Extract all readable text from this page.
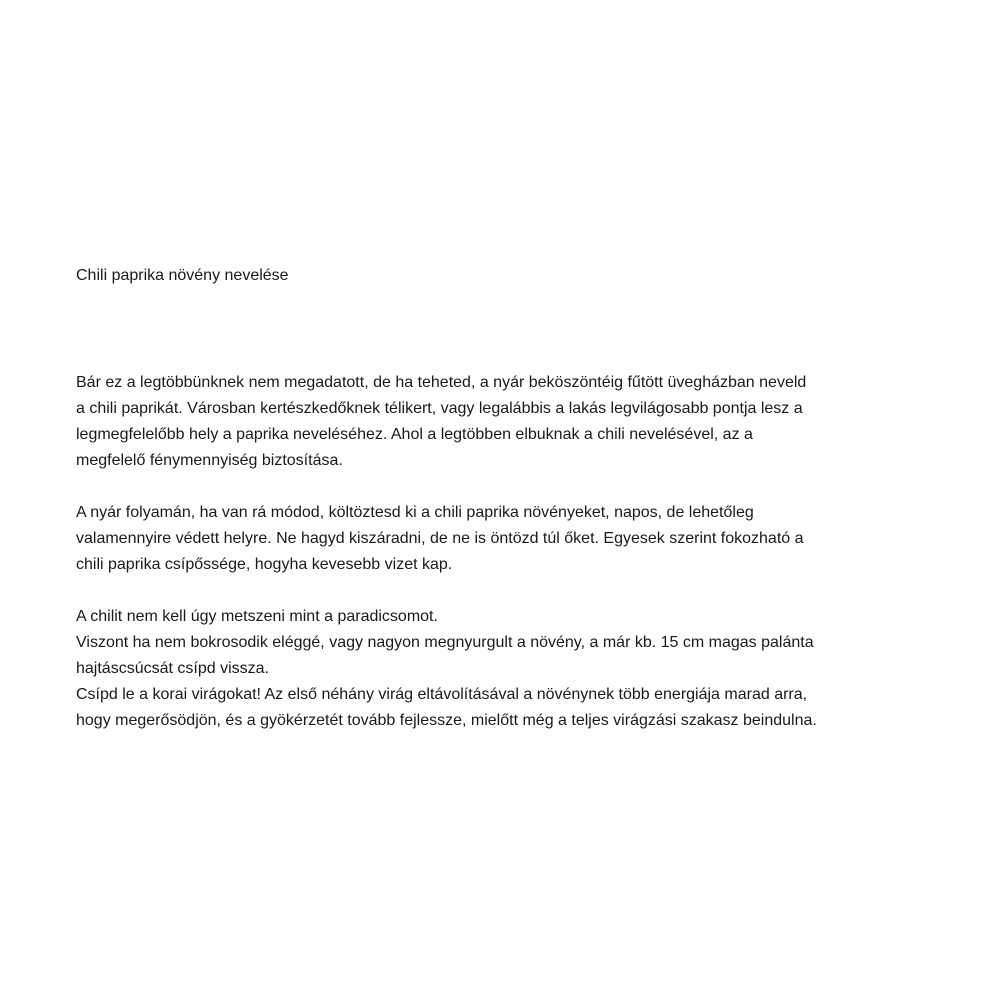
Chili paprika növény nevelése

Bár ez a legtöbbünknek nem megadatott, de ha teheted, a nyár beköszöntéig fűtött üvegházban neveld
a chili paprikát. Városban kertészkedőknek télikert, vagy legalábbis a lakás legvilágosabb pontja lesz a
legmegfelelőbb hely a paprika neveléséhez. Ahol a legtöbben elbuknak a chili nevelésével, az a
megfelelő fénymennyiség biztosítása.

A nyár folyamán, ha van rá módod, költöztesd ki a chili paprika növényeket, napos, de lehetőleg
valamennyire védett helyre. Ne hagyd kiszáradni, de ne is öntözd túl őket. Egyesek szerint fokozható a
chili paprika csípőssége, hogyha kevesebb vizet kap.

A chilit nem kell úgy metszeni mint a paradicsomot.
Viszont ha nem bokrosodik eléggé, vagy nagyon megnyurgult a növény, a már kb. 15 cm magas palánta
hajtáscsúcsát csípd vissza.
Csípd le a korai virágokat! Az első néhány virág eltávolításával a növénynek több energiája marad arra,
hogy megerősödjön, és a gyökérzetét tovább fejlessze, mielőtt még a teljes virágzási szakasz beindulna.
